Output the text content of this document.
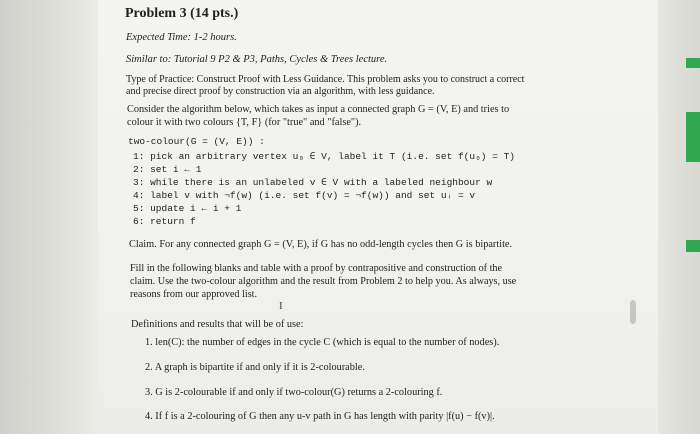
Problem 3 (14 pts.)
Expected Time: 1-2 hours.
Similar to: Tutorial 9 P2 & P3, Paths, Cycles & Trees lecture.
Type of Practice: Construct Proof with Less Guidance. This problem asks you to construct a correct
and precise direct proof by construction via an algorithm, with less guidance.
Consider the algorithm below, which takes as input a connected graph G = (V, E) and tries to
colour it with two colours {T, F} (for "true" and "false").
two-colour(G = (V, E)) :
1: pick an arbitrary vertex u₀ ∈ V, label it T (i.e. set f(u₀) = T)
2: set i ← 1
3: while there is an unlabeled v ∈ V with a labeled neighbour w
4: label v with ¬f(w) (i.e. set f(v) = ¬f(w)) and set uᵢ = v
5: update i ← i + 1
6: return f
Claim. For any connected graph G = (V, E), if G has no odd-length cycles then G is bipartite.
Fill in the following blanks and table with a proof by contrapositive and construction of the
claim. Use the two-colour algorithm and the result from Problem 2 to help you. As always, use
reasons from our approved list.
I
Definitions and results that will be of use:
1. len(C): the number of edges in the cycle C (which is equal to the number of nodes).
2. A graph is bipartite if and only if it is 2-colourable.
3. G is 2-colourable if and only if two-colour(G) returns a 2-colouring f.
4. If f is a 2-colouring of G then any u-v path in G has length with parity |f(u) − f(v)|.
